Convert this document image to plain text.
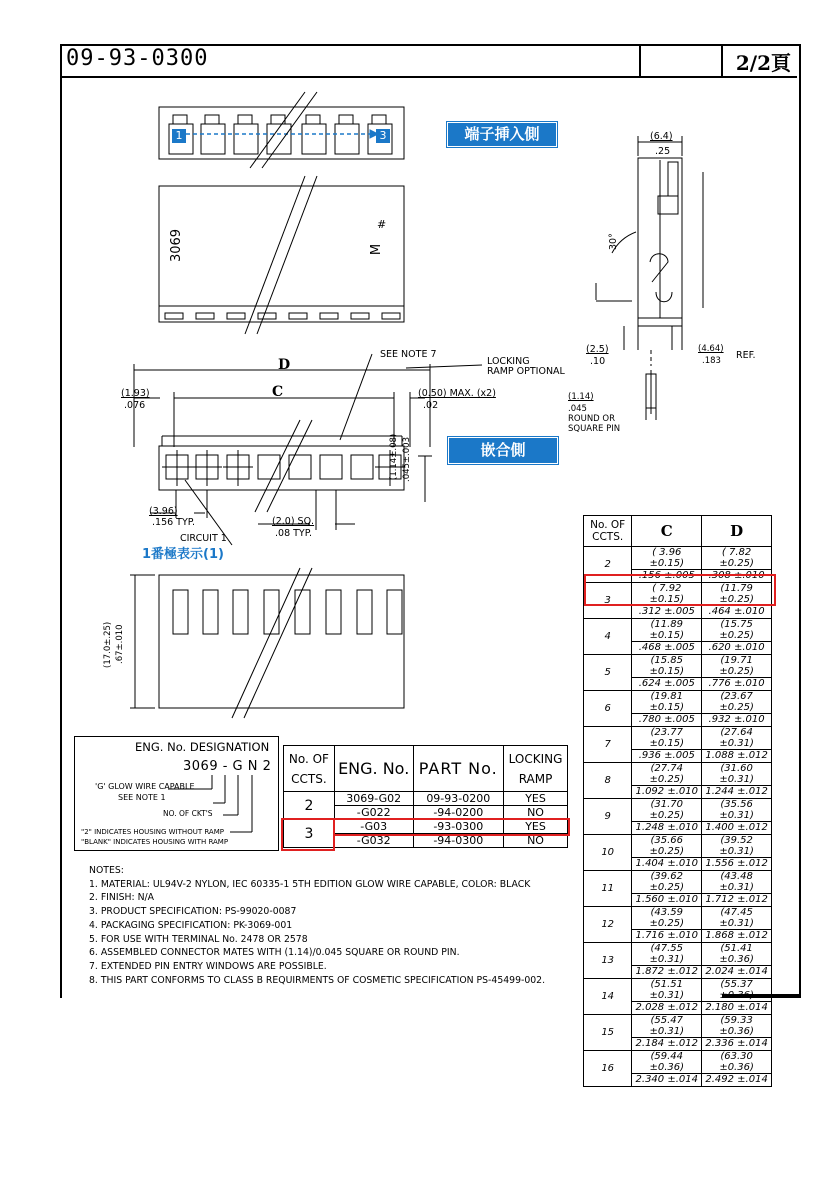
09-93-0300	2/2頁
1	3	端子挿入側
3069	M
#
D
C
SEE NOTE 7
LOCKING
RAMP OPTIONAL
(1.93)
.076
(0.50) MAX. (x2)
.02
嵌合側
(3.96)
.156 TYP.	(2.0) SQ.
.08 TYP.
CIRCUIT 1
1番極表示(1)
(1.14±.08) .045±.003
(17.0±.25) .67±.010
(6.4)
.25
30°
(2.5)
.10
(4.64)
.183 REF.
(1.14)
.045
ROUND OR
SQUARE PIN
ENG. No. DESIGNATION
3069 - G N 2
'G' GLOW WIRE CAPABLE
SEE NOTE 1
NO. OF CKT'S
"2" INDICATES HOUSING WITHOUT RAMP
"BLANK" INDICATES HOUSING WITH RAMP
No. OF CCTS.	ENG. No.	PART No.	LOCKING RAMP
2	3069-G02	09-93-0200	YES
	-G022	-94-0200	NO
3	-G03	-93-0300	YES
	-G032	-94-0300	NO
No. OF CCTS.	C	D
2	$\frac{( 3.96 \pm 0.15)}{.156 \pm.005}$	$\frac{( 7.82 \pm 0.25)}{.308 \pm.010}$

3	$\frac{( 7.92 \pm 0.15)}{.312 \pm.005}$	$\frac{(11.79 \pm 0.25)}{.464 \pm.010}$

4	$\frac{(11.89 \pm 0.15)}{.468 \pm.005}$	$\frac{(15.75 \pm 0.25)}{.620 \pm.010}$

5	$\frac{(15.85 \pm 0.15)}{.624 \pm.005}$	$\frac{(19.71 \pm 0.25)}{.776 \pm.010}$

6	$\frac{(19.81 \pm 0.15)}{.780 \pm.005}$	$\frac{(23.67 \pm 0.25)}{.932 \pm.010}$

7	$\frac{(23.77 \pm 0.15)}{.936 \pm.005}$	$\frac{(27.64 \pm 0.31)}{1.088 \pm.012}$

8	$\frac{(27.74 \pm 0.25)}{1.092 \pm.010}$	$\frac{(31.60 \pm 0.31)}{1.244 \pm.012}$

9	$\frac{(31.70 \pm 0.25)}{1.248 \pm.010}$	$\frac{(35.56 \pm 0.31)}{1.400 \pm.012}$

10	$\frac{(35.66 \pm 0.25)}{1.404 \pm.010}$	$\frac{(39.52 \pm 0.31)}{1.556 \pm.012}$

11	$\frac{(39.62 \pm 0.25)}{1.560 \pm.010}$	$\frac{(43.48 \pm 0.31)}{1.712 \pm.012}$

12	$\frac{(43.59 \pm 0.25)}{1.716 \pm.010}$	$\frac{(47.45 \pm 0.31)}{1.868 \pm.012}$

13	$\frac{(47.55 \pm 0.31)}{1.872 \pm.012}$	$\frac{(51.41 \pm 0.36)}{2.024 \pm.014}$

14	$\frac{(51.51 \pm 0.31)}{2.028 \pm.012}$	$\frac{(55.37 \pm 0.36)}{2.180 \pm.014}$

15	$\frac{(55.47 \pm 0.31)}{2.184 \pm.012}$	$\frac{(59.33 \pm 0.36)}{2.336 \pm.014}$

16	$\frac{(59.44 \pm 0.36)}{2.340 \pm.014}$	$\frac{(63.30 \pm 0.36)}{2.492 \pm.014}$
NOTES:
1. MATERIAL: UL94V-2 NYLON, IEC 60335-1 5TH EDITION GLOW WIRE CAPABLE, COLOR: BLACK
2. FINISH: N/A
3. PRODUCT SPECIFICATION: PS-99020-0087
4. PACKAGING SPECIFICATION: PK-3069-001
5. FOR USE WITH TERMINAL No. 2478 OR 2578
6. ASSEMBLED CONNECTOR MATES WITH (1.14)/0.045 SQUARE OR ROUND PIN.
7. EXTENDED PIN ENTRY WINDOWS ARE POSSIBLE.
8. THIS PART CONFORMS TO CLASS B REQUIRMENTS OF COSMETIC SPECIFICATION PS-45499-002.
